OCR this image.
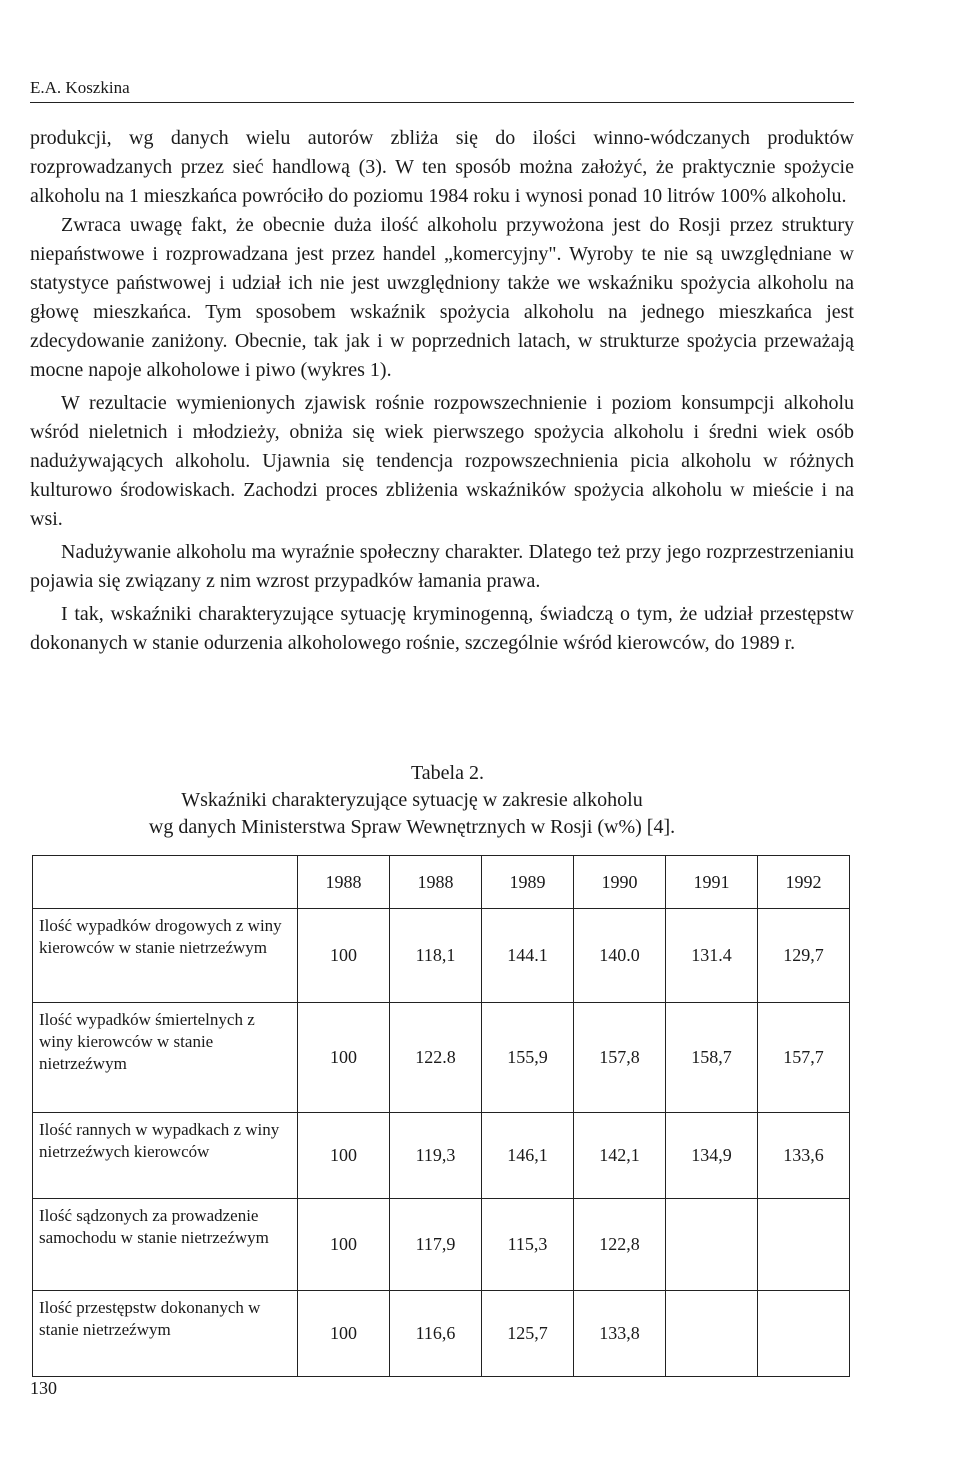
E.A. Koszkina

produkcji, wg danych wielu autorów zbliża się do ilości winno-wódczanych produktów rozprowadzanych przez sieć handlową (3). W ten sposób można założyć, że praktycznie spożycie alkoholu na 1 mieszkańca powróciło do poziomu 1984 roku i wynosi ponad 10 litrów 100% alkoholu.

Zwraca uwagę fakt, że obecnie duża ilość alkoholu przywożona jest do Rosji przez struktury niepaństwowe i rozprowadzana jest przez handel „komercyjny". Wyroby te nie są uwzględniane w statystyce państwowej i udział ich nie jest uwzględniony także we wskaźniku spożycia alkoholu na głowę mieszkańca. Tym sposobem wskaźnik spożycia alkoholu na jednego mieszkańca jest zdecydowanie zaniżony. Obecnie, tak jak i w poprzednich latach, w strukturze spożycia przeważają mocne napoje alkoholowe i piwo (wykres 1).

W rezultacie wymienionych zjawisk rośnie rozpowszechnienie i poziom konsumpcji alkoholu wśród nieletnich i młodzieży, obniża się wiek pierwszego spożycia alkoholu i średni wiek osób nadużywających alkoholu. Ujawnia się tendencja rozpowszechnienia picia alkoholu w różnych kulturowo środowiskach. Zachodzi proces zbliżenia wskaźników spożycia alkoholu w mieście i na wsi.

Nadużywanie alkoholu ma wyraźnie społeczny charakter. Dlatego też przy jego rozprzestrzenianiu pojawia się związany z nim wzrost przypadków łamania prawa.

I tak, wskaźniki charakteryzujące sytuację kryminogenną, świadczą o tym, że udział przestępstw dokonanych w stanie odurzenia alkoholowego rośnie, szczególnie wśród kierowców, do 1989 r.

Tabela 2.
Wskaźniki charakteryzujące sytuację w zakresie alkoholu
wg danych Ministerstwa Spraw Wewnętrznych w Rosji (w%) [4].
	1988	1988	1989	1990	1991	1992
Ilość wypadków drogowych z winy kierowców w stanie nietrzeźwym	100	118,1	144.1	140.0	131.4	129,7
Ilość wypadków śmiertelnych z winy kierowców w stanie nietrzeźwym	100	122.8	155,9	157,8	158,7	157,7
Ilość rannych w wypadkach z winy nietrzeźwych kierowców	100	119,3	146,1	142,1	134,9	133,6
Ilość sądzonych za prowadzenie samochodu w stanie nietrzeźwym	100	117,9	115,3	122,8		
Ilość przestępstw dokonanych w stanie nietrzeźwym	100	116,6	125,7	133,8		
130
